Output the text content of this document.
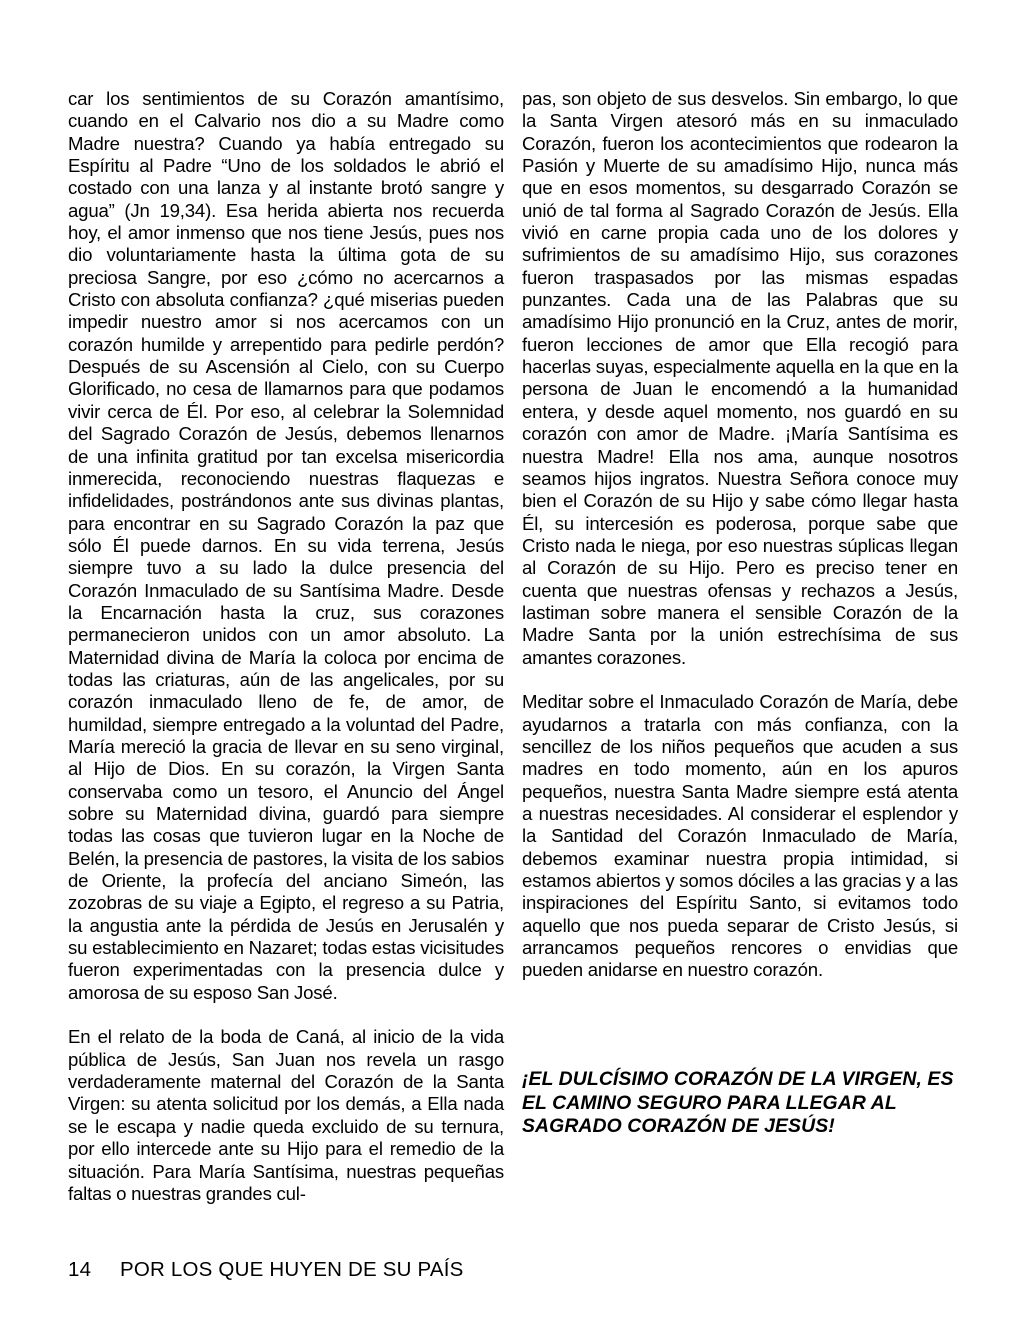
car los sentimientos de su Corazón amantísimo, cuando en el Calvario nos dio a su Madre como Madre nuestra? Cuando ya había entregado su Espíritu al Padre “Uno de los soldados le abrió el costado con una lanza y al instante brotó sangre y agua” (Jn 19,34). Esa herida abierta nos recuerda hoy, el amor inmenso que nos tiene Jesús, pues nos dio voluntariamente hasta la última gota de su preciosa Sangre, por eso ¿cómo no acercarnos a Cristo con absoluta confianza? ¿qué miserias pueden impedir nuestro amor si nos acercamos con un corazón humilde y arrepentido para pedirle perdón? Después de su Ascensión al Cielo, con su Cuerpo Glorificado, no cesa de llamarnos para que podamos vivir cerca de Él. Por eso, al celebrar la Solemnidad del Sagrado Corazón de Jesús, debemos llenarnos de una infinita gratitud por tan excelsa misericordia inmerecida, reconociendo nuestras flaquezas e infidelidades, postrándonos ante sus divinas plantas, para encontrar en su Sagrado Corazón la paz que sólo Él puede darnos. En su vida terrena, Jesús siempre tuvo a su lado la dulce presencia del Corazón Inmaculado de su Santísima Madre. Desde la Encarnación hasta la cruz, sus corazones permanecieron unidos con un amor absoluto. La Maternidad divina de María la coloca por encima de todas las criaturas, aún de las angelicales, por su corazón inmaculado lleno de fe, de amor, de humildad, siempre entregado a la voluntad del Padre, María mereció la gracia de llevar en su seno virginal, al Hijo de Dios. En su corazón, la Virgen Santa conservaba como un tesoro, el Anuncio del Ángel sobre su Maternidad divina, guardó para siempre todas las cosas que tuvieron lugar en la Noche de Belén, la presencia de pastores, la visita de los sabios de Oriente, la profecía del anciano Simeón, las zozobras de su viaje a Egipto, el regreso a su Patria, la angustia ante la pérdida de Jesús en Jerusalén y su establecimiento en Nazaret; todas estas vicisitudes fueron experimentadas con la presencia dulce y amorosa de su esposo San José.

En el relato de la boda de Caná, al inicio de la vida pública de Jesús, San Juan nos revela un rasgo verdaderamente maternal del Corazón de la Santa Virgen: su atenta solicitud por los demás, a Ella nada se le escapa y nadie queda excluido de su ternura, por ello intercede ante su Hijo para el remedio de la situación. Para María Santísima, nuestras pequeñas faltas o nuestras grandes cul-

pas, son objeto de sus desvelos. Sin embargo, lo que la Santa Virgen atesoró más en su inmaculado Corazón, fueron los acontecimientos que rodearon la Pasión y Muerte de su amadísimo Hijo, nunca más que en esos momentos, su desgarrado Corazón se unió de tal forma al Sagrado Corazón de Jesús. Ella vivió en carne propia cada uno de los dolores y sufrimientos de su amadísimo Hijo, sus corazones fueron traspasados por las mismas espadas punzantes. Cada una de las Palabras que su amadísimo Hijo pronunció en la Cruz, antes de morir, fueron lecciones de amor que Ella recogió para hacerlas suyas, especialmente aquella en la que en la persona de Juan le encomendó a la humanidad entera, y desde aquel momento, nos guardó en su corazón con amor de Madre. ¡María Santísima es nuestra Madre! Ella nos ama, aunque nosotros seamos hijos ingratos. Nuestra Señora conoce muy bien el Corazón de su Hijo y sabe cómo llegar hasta Él, su intercesión es poderosa, porque sabe que Cristo nada le niega, por eso nuestras súplicas llegan al Corazón de su Hijo. Pero es preciso tener en cuenta que nuestras ofensas y rechazos a Jesús, lastiman sobre manera el sensible Corazón de la Madre Santa por la unión estrechísima de sus amantes corazones.

Meditar sobre el Inmaculado Corazón de María, debe ayudarnos a tratarla con más confianza, con la sencillez de los niños pequeños que acuden a sus madres en todo momento, aún en los apuros pequeños, nuestra Santa Madre siempre está atenta a nuestras necesidades. Al considerar el esplendor y la Santidad del Corazón Inmaculado de María, debemos examinar nuestra propia intimidad, si estamos abiertos y somos dóciles a las gracias y a las inspiraciones del Espíritu Santo, si evitamos todo aquello que nos pueda separar de Cristo Jesús, si arrancamos pequeños rencores o envidias que pueden anidarse en nuestro corazón.

¡EL DULCÍSIMO CORAZÓN DE LA VIRGEN, ES EL CAMINO SEGURO PARA LLEGAR AL SAGRADO CORAZÓN DE JESÚS!

14	POR LOS QUE HUYEN DE SU PAÍS
